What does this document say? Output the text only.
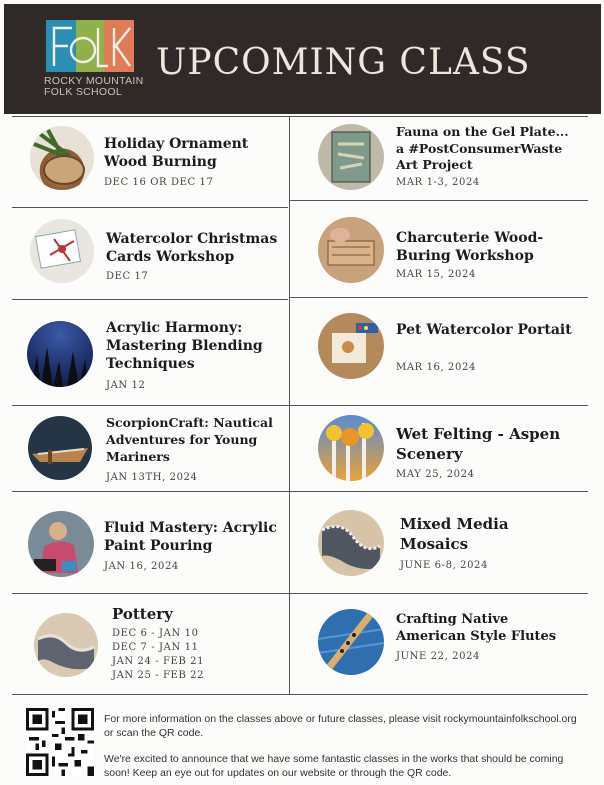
ROCKY MOUNTAIN
FOLK SCHOOL
UPCOMING CLASS
Holiday Ornament Wood Burning
DEC 16 OR DEC 17
Watercolor Christmas Cards Workshop
DEC 17
Acrylic Harmony: Mastering Blending Techniques
JAN 12
ScorpionCraft: Nautical Adventures for Young Mariners
JAN 13TH, 2024
Fluid Mastery: Acrylic Paint Pouring
JAN 16, 2024
Pottery
DEC 6 - JAN 10
DEC 7 - JAN 11
JAN 24 - FEB 21
JAN 25 - FEB 22
Fauna on the Gel Plate... a #PostConsumerWaste Art Project
MAR 1-3, 2024
Charcuterie Wood-Buring Workshop
MAR 15, 2024
Pet Watercolor Portait
MAR 16, 2024
Wet Felting - Aspen Scenery
MAY 25, 2024
Mixed Media Mosaics
JUNE 6-8, 2024
Crafting Native American Style Flutes
JUNE 22, 2024
For more information on the classes above or future classes, please visit rockymountainfolkschool.org or scan the QR code.
We're excited to announce that we have some fantastic classes in the works that should be coming soon! Keep an eye out for updates on our website or through the QR code.
